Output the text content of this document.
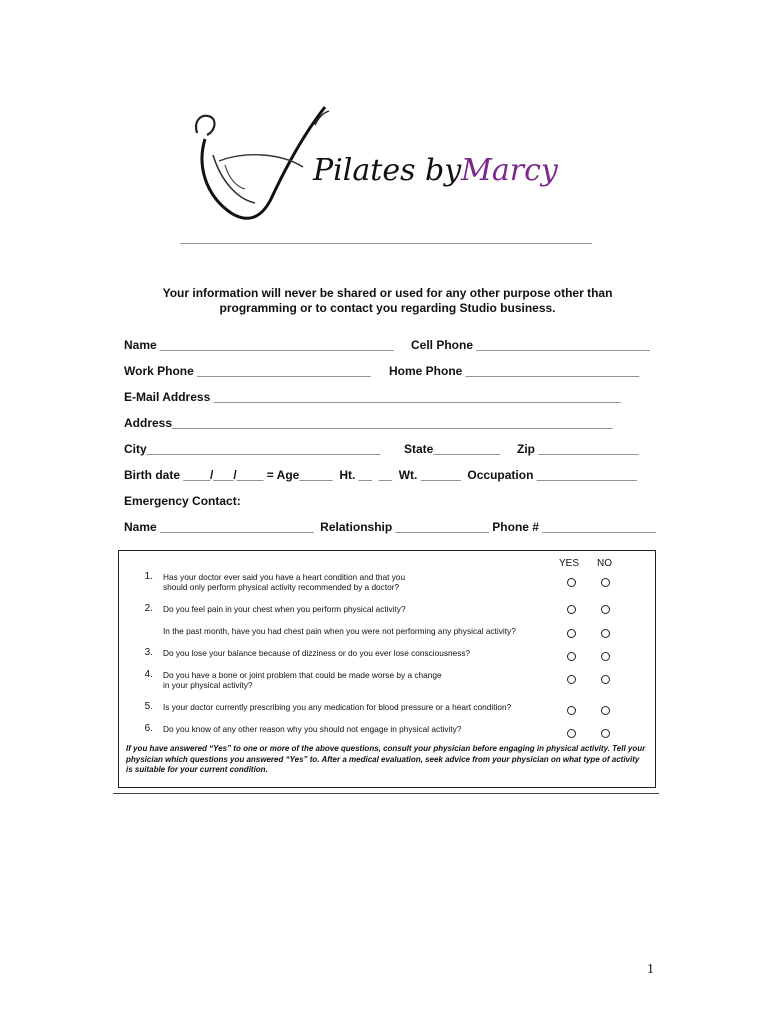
Pilates byMarcy
Your information will never be shared or used for any other purpose other than
programming or to contact you regarding Studio business.
Name ___________________________________ Cell Phone __________________________
Work Phone __________________________ Home Phone __________________________
E-Mail Address _____________________________________________________________
Address__________________________________________________________________
City___________________________________ State__________ Zip _______________
Birth date ____/___/____ = Age_____  Ht. __  __  Wt. ______  Occupation _______________
Emergency Contact:
Name _______________________  Relationship ______________ Phone # _________________
YES NO
1. Has your doctor ever said you have a heart condition and that you
should only perform physical activity recommended by a doctor?
2. Do you feel pain in your chest when you perform physical activity?
In the past month, have you had chest pain when you were not performing any physical activity?
3. Do you lose your balance because of dizziness or do you ever lose consciousness?
4. Do you have a bone or joint problem that could be made worse by a change
in your physical activity?
5. Is your doctor currently prescribing you any medication for blood pressure or a heart condition?
6. Do you know of any other reason why you should not engage in physical activity?
If you have answered “Yes” to one or more of the above questions, consult your physician before engaging in physical activity. Tell your physician which questions you answered “Yes” to. After a medical evaluation, seek advice from your physician on what type of activity is suitable for your current condition.
1
